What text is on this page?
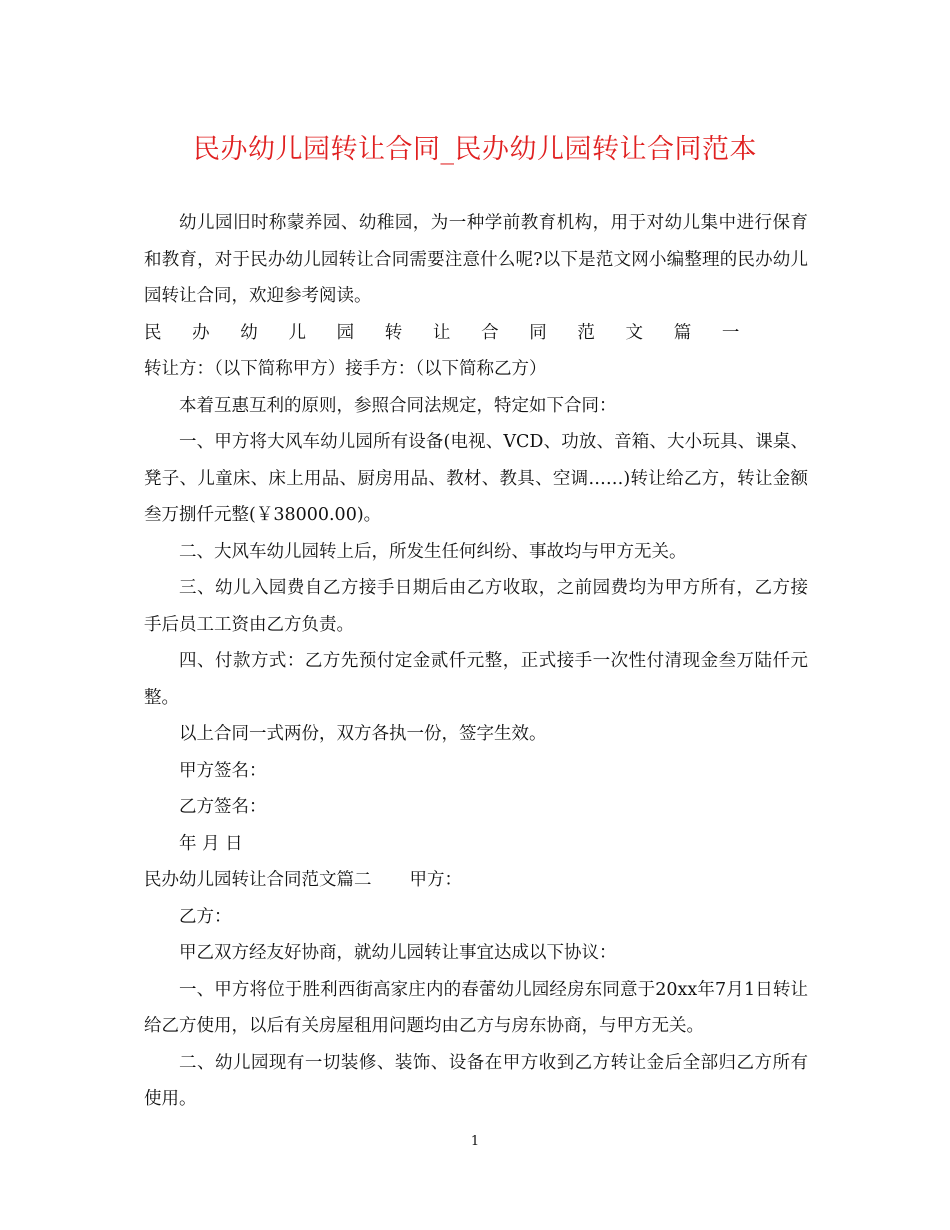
民办幼儿园转让合同_民办幼儿园转让合同范本

幼儿园旧时称蒙养园、幼稚园，为一种学前教育机构，用于对幼儿集中进行保育和教育，对于民办幼儿园转让合同需要注意什么呢?以下是范文网小编整理的民办幼儿园转让合同，欢迎参考阅读。

民办幼儿园转让合同范文篇一转让方：（以下简称甲方）接手方：（以下简称乙方）

本着互惠互利的原则，参照合同法规定，特定如下合同：

一、甲方将大风车幼儿园所有设备(电视、VCD、功放、音箱、大小玩具、课桌、凳子、儿童床、床上用品、厨房用品、教材、教具、空调……)转让给乙方，转让金额叁万捌仟元整(￥38000.00)。

二、大风车幼儿园转上后，所发生任何纠纷、事故均与甲方无关。

三、幼儿入园费自乙方接手日期后由乙方收取，之前园费均为甲方所有，乙方接手后员工工资由乙方负责。

四、付款方式：乙方先预付定金贰仟元整，正式接手一次性付清现金叁万陆仟元整。

以上合同一式两份，双方各执一份，签字生效。

甲方签名：

乙方签名：

年 月 日

民办幼儿园转让合同范文篇二 甲方：

乙方：

甲乙双方经友好协商，就幼儿园转让事宜达成以下协议：

一、甲方将位于胜利西街高家庄内的春蕾幼儿园经房东同意于20xx年7月1日转让给乙方使用，以后有关房屋租用问题均由乙方与房东协商，与甲方无关。

二、幼儿园现有一切装修、装饰、设备在甲方收到乙方转让金后全部归乙方所有使用。

1
